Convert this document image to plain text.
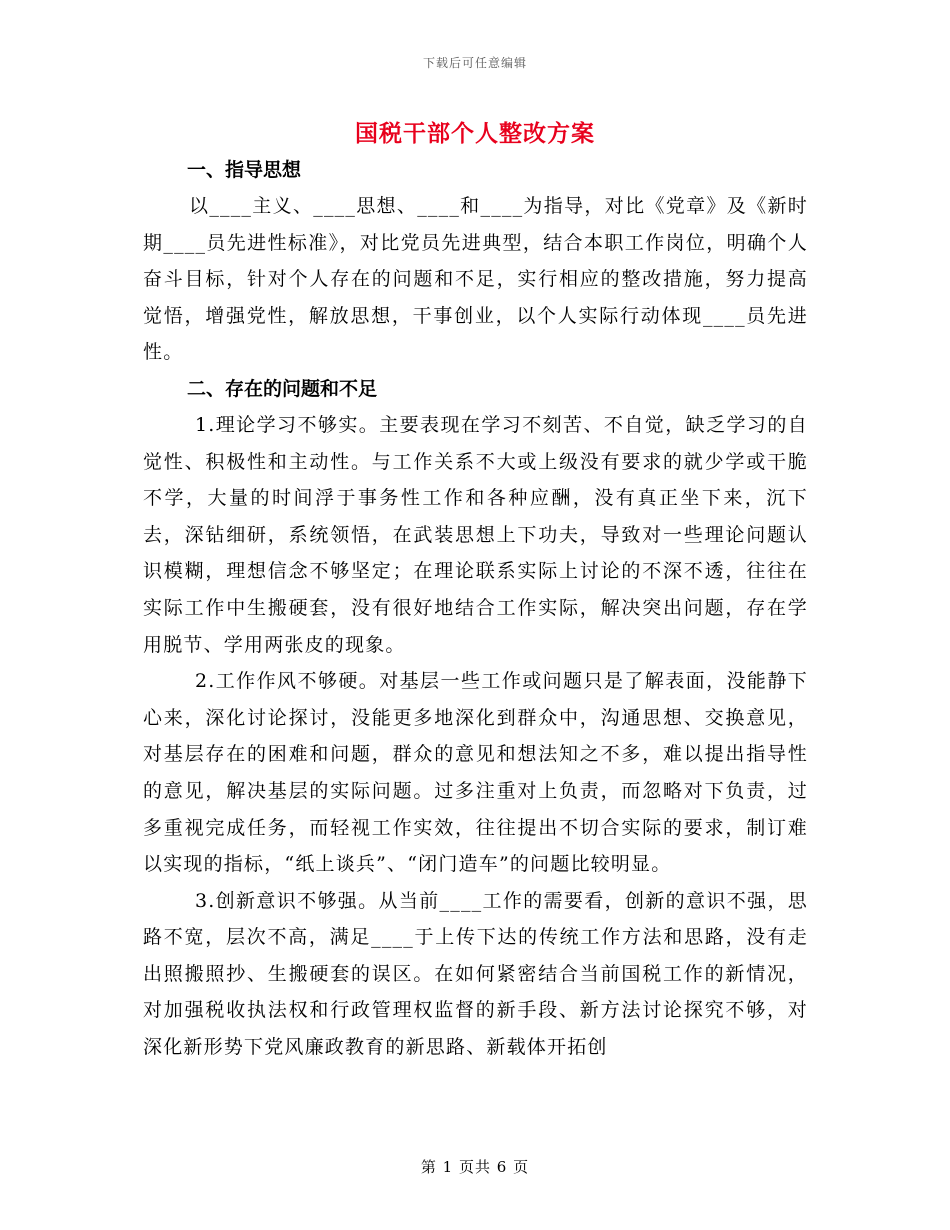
下载后可任意编辑
国税干部个人整改方案

一、指导思想

以____主义、____思想、____和____为指导，对比《党章》及《新时期____员先进性标准》，对比党员先进典型，结合本职工作岗位，明确个人奋斗目标，针对个人存在的问题和不足，实行相应的整改措施，努力提高觉悟，增强党性，解放思想，干事创业，以个人实际行动体现____员先进性。

二、存在的问题和不足

1.理论学习不够实。主要表现在学习不刻苦、不自觉，缺乏学习的自觉性、积极性和主动性。与工作关系不大或上级没有要求的就少学或干脆不学，大量的时间浮于事务性工作和各种应酬，没有真正坐下来，沉下去，深钻细研，系统领悟，在武装思想上下功夫，导致对一些理论问题认识模糊，理想信念不够坚定；在理论联系实际上讨论的不深不透，往往在实际工作中生搬硬套，没有很好地结合工作实际，解决突出问题，存在学用脱节、学用两张皮的现象。

2.工作作风不够硬。对基层一些工作或问题只是了解表面，没能静下心来，深化讨论探讨，没能更多地深化到群众中，沟通思想、交换意见，对基层存在的困难和问题，群众的意见和想法知之不多，难以提出指导性的意见，解决基层的实际问题。过多注重对上负责，而忽略对下负责，过多重视完成任务，而轻视工作实效，往往提出不切合实际的要求，制订难以实现的指标，“纸上谈兵”、“闭门造车”的问题比较明显。

3.创新意识不够强。从当前____工作的需要看，创新的意识不强，思路不宽，层次不高，满足____于上传下达的传统工作方法和思路，没有走出照搬照抄、生搬硬套的误区。在如何紧密结合当前国税工作的新情况，对加强税收执法权和行政管理权监督的新手段、新方法讨论探究不够，对深化新形势下党风廉政教育的新思路、新载体开拓创

第 1 页共 6 页
